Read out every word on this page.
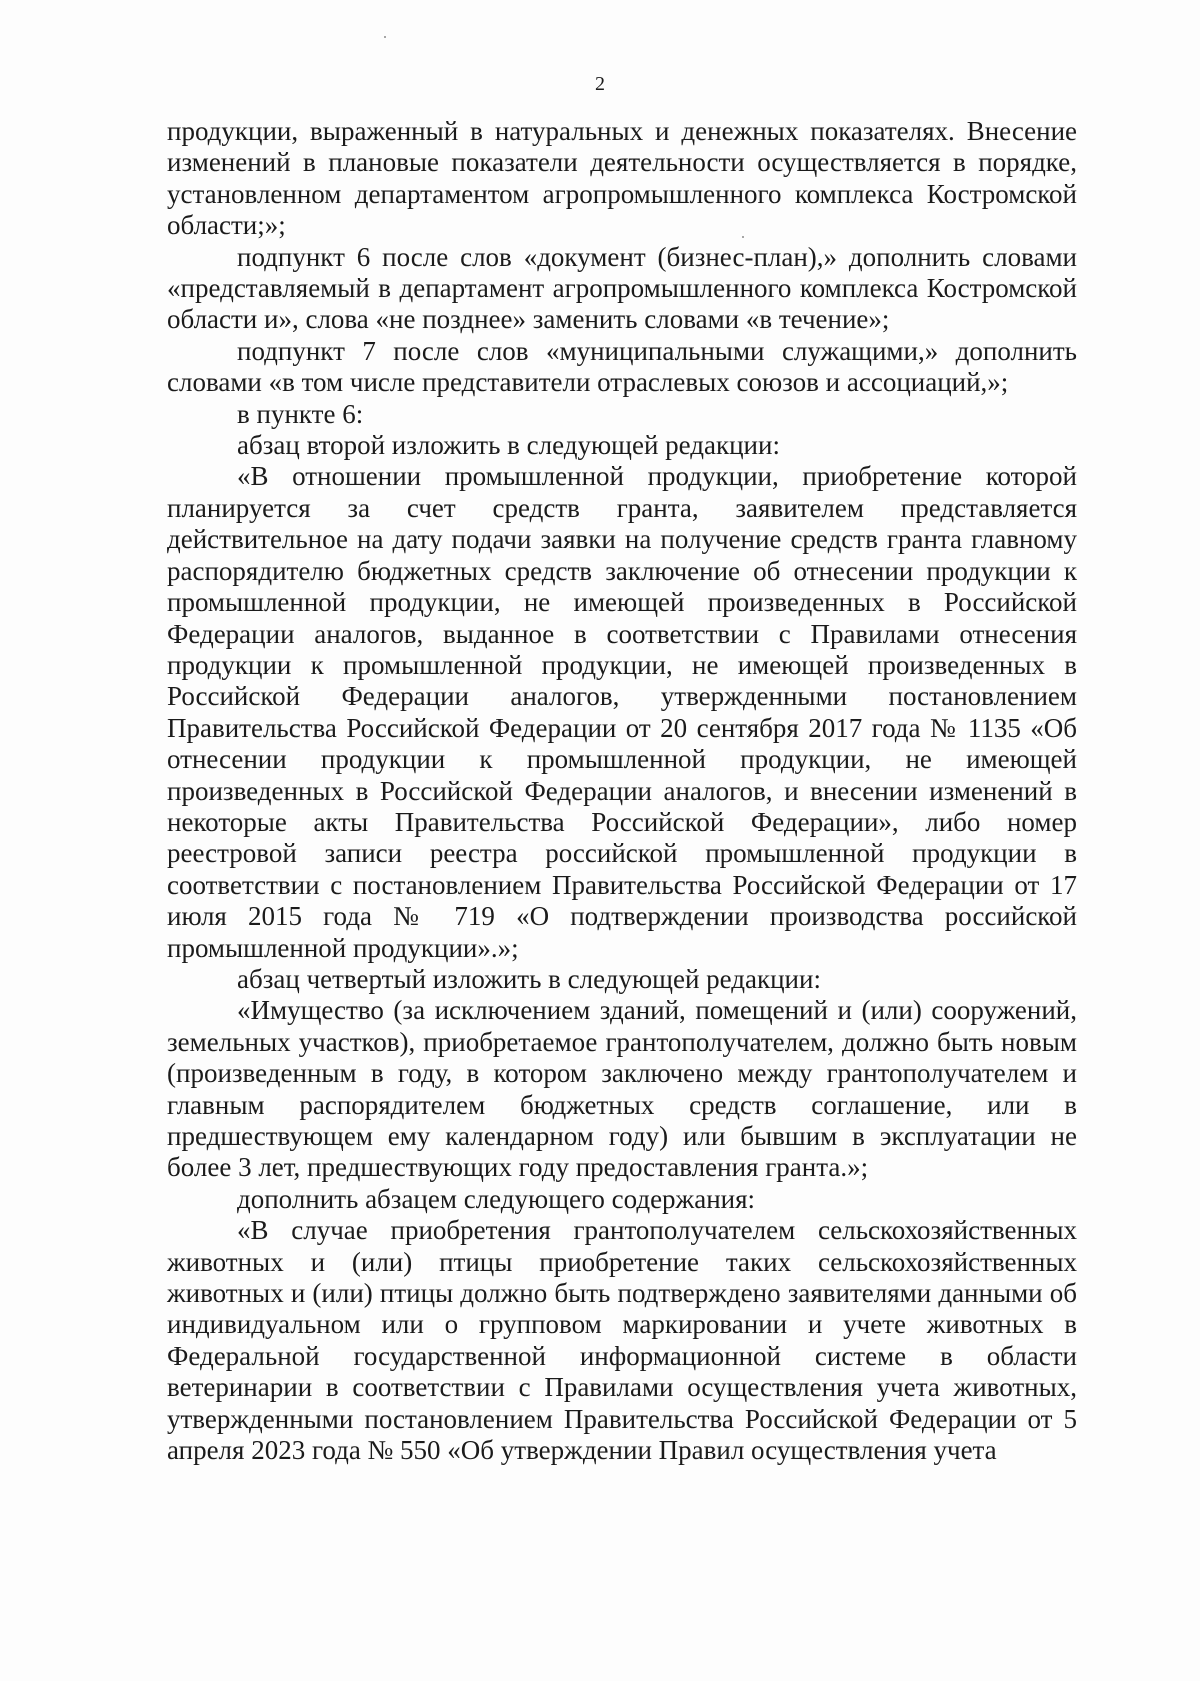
2

продукции, выраженный в натуральных и денежных показателях. Внесение изменений в плановые показатели деятельности осуществляется в порядке, установленном департаментом агропромышленного комплекса Костромской области;»;

подпункт 6 после слов «документ (бизнес-план),» дополнить словами «представляемый в департамент агропромышленного комплекса Костромской области и», слова «не позднее» заменить словами «в течение»;

подпункт 7 после слов «муниципальными служащими,» дополнить словами «в том числе представители отраслевых союзов и ассоциаций,»;

в пункте 6:

абзац второй изложить в следующей редакции:

«В отношении промышленной продукции, приобретение которой планируется за счет средств гранта, заявителем представляется действительное на дату подачи заявки на получение средств гранта главному распорядителю бюджетных средств заключение об отнесении продукции к промышленной продукции, не имеющей произведенных в Российской Федерации аналогов, выданное в соответствии с Правилами отнесения продукции к промышленной продукции, не имеющей произведенных в Российской Федерации аналогов, утвержденными постановлением Правительства Российской Федерации от 20 сентября 2017 года № 1135 «Об отнесении продукции к промышленной продукции, не имеющей произведенных в Российской Федерации аналогов, и внесении изменений в некоторые акты Правительства Российской Федерации», либо номер реестровой записи реестра российской промышленной продукции в соответствии с постановлением Правительства Российской Федерации от 17 июля 2015 года № 719 «О подтверждении производства российской промышленной продукции».»;

абзац четвертый изложить в следующей редакции:

«Имущество (за исключением зданий, помещений и (или) сооружений, земельных участков), приобретаемое грантополучателем, должно быть новым (произведенным в году, в котором заключено между грантополучателем и главным распорядителем бюджетных средств соглашение, или в предшествующем ему календарном году) или бывшим в эксплуатации не более 3 лет, предшествующих году предоставления гранта.»;

дополнить абзацем следующего содержания:

«В случае приобретения грантополучателем сельскохозяйственных животных и (или) птицы приобретение таких сельскохозяйственных животных и (или) птицы должно быть подтверждено заявителями данными об индивидуальном или о групповом маркировании и учете животных в Федеральной государственной информационной системе в области ветеринарии в соответствии с Правилами осуществления учета животных, утвержденными постановлением Правительства Российской Федерации от 5 апреля 2023 года № 550 «Об утверждении Правил осуществления учета
